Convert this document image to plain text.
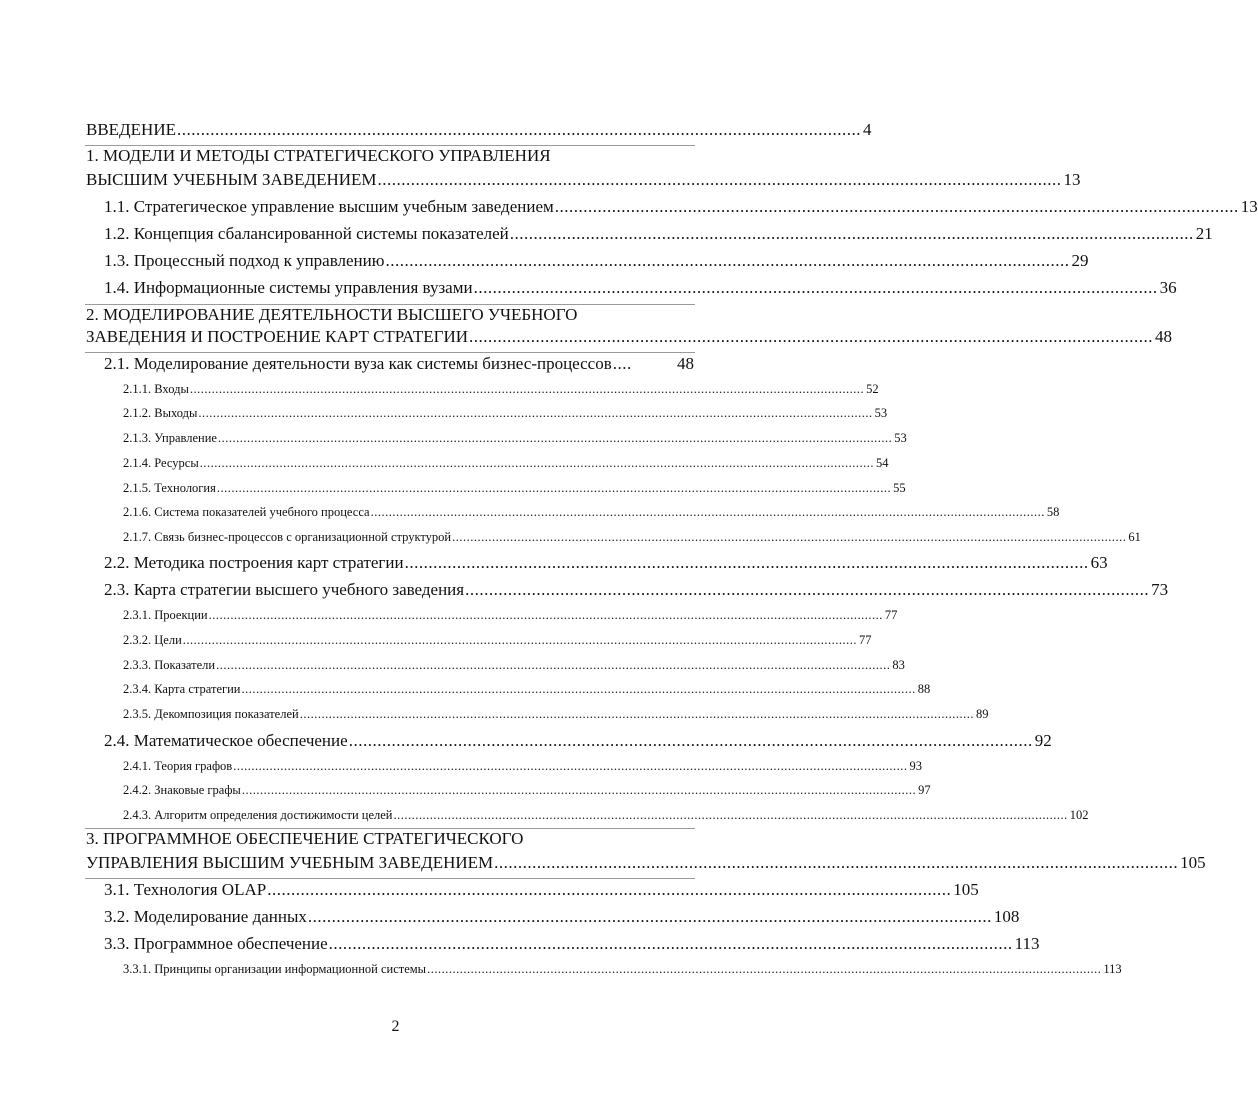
ВВЕДЕНИЕ ................................................................................................................................................ 4
1. МОДЕЛИ И МЕТОДЫ СТРАТЕГИЧЕСКОГО УПРАВЛЕНИЯ
ВЫСШИМ УЧЕБНЫМ ЗАВЕДЕНИЕМ ................................................................................................................................................ 13
1.1. Стратегическое управление высшим учебным заведением ................................................................................................................................................ 13
1.2. Концепция сбалансированной системы показателей ................................................................................................................................................ 21
1.3. Процессный подход к управлению ................................................................................................................................................ 29
1.4. Информационные системы управления вузами ................................................................................................................................................ 36
2. МОДЕЛИРОВАНИЕ ДЕЯТЕЛЬНОСТИ ВЫСШЕГО УЧЕБНОГО
ЗАВЕДЕНИЯ И ПОСТРОЕНИЕ КАРТ СТРАТЕГИИ ................................................................................................................................................ 48
2.1. Моделирование деятельности вуза как системы бизнес-процессов ....	48
2.1.1. Входы .......................................................................................................................................................................................... 52
2.1.2. Выходы .......................................................................................................................................................................................... 53
2.1.3. Управление .......................................................................................................................................................................................... 53
2.1.4. Ресурсы .......................................................................................................................................................................................... 54
2.1.5. Технология .......................................................................................................................................................................................... 55
2.1.6. Система показателей учебного процесса .......................................................................................................................................................................................... 58
2.1.7. Связь бизнес-процессов с организационной структурой .......................................................................................................................................................................................... 61
2.2. Методика построения карт стратегии ................................................................................................................................................ 63
2.3. Карта стратегии высшего учебного заведения ................................................................................................................................................ 73
2.3.1. Проекции .......................................................................................................................................................................................... 77
2.3.2. Цели .......................................................................................................................................................................................... 77
2.3.3. Показатели .......................................................................................................................................................................................... 83
2.3.4. Карта стратегии .......................................................................................................................................................................................... 88
2.3.5. Декомпозиция показателей .......................................................................................................................................................................................... 89
2.4. Математическое обеспечение ................................................................................................................................................ 92
2.4.1. Теория графов .......................................................................................................................................................................................... 93
2.4.2. Знаковые графы .......................................................................................................................................................................................... 97
2.4.3. Алгоритм определения достижимости целей .......................................................................................................................................................................................... 102
3. ПРОГРАММНОЕ ОБЕСПЕЧЕНИЕ СТРАТЕГИЧЕСКОГО
УПРАВЛЕНИЯ ВЫСШИМ УЧЕБНЫМ ЗАВЕДЕНИЕМ ................................................................................................................................................ 105
3.1. Технология OLAP ................................................................................................................................................ 105
3.2. Моделирование данных ................................................................................................................................................ 108
3.3. Программное обеспечение ................................................................................................................................................ 113
3.3.1. Принципы организации информационной системы .......................................................................................................................................................................................... 113
2
